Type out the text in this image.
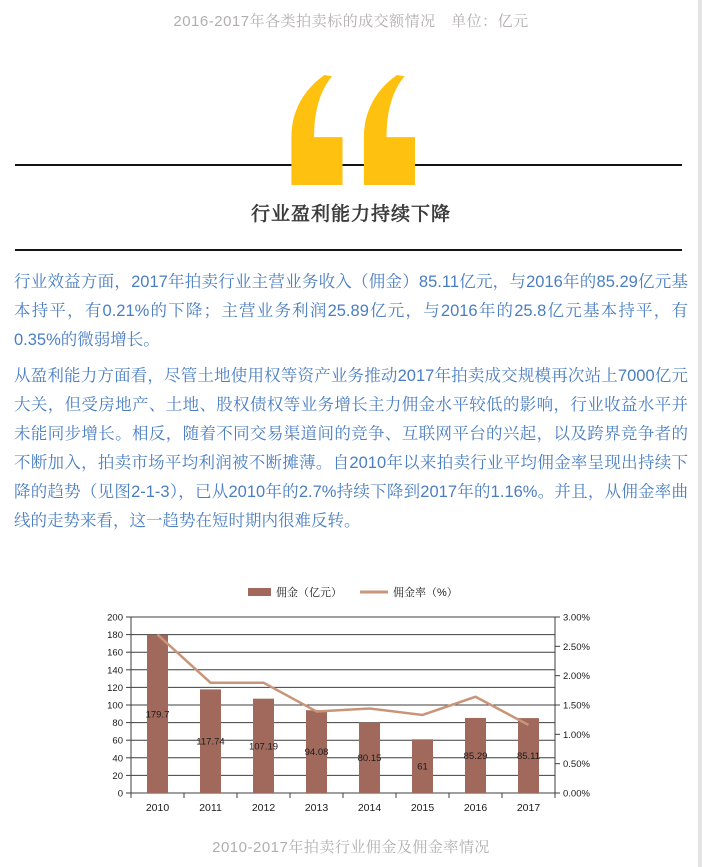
2016-2017年各类拍卖标的成交额情况　单位：亿元
行业盈利能力持续下降

行业效益方面，2017年拍卖行业主营业务收入（佣金）85.11亿元，与2016年的85.29亿元基本持平，有0.21%的下降；主营业务利润25.89亿元，与2016年的25.8亿元基本持平，有0.35%的微弱增长。

从盈利能力方面看，尽管土地使用权等资产业务推动2017年拍卖成交规模再次站上7000亿元大关，但受房地产、土地、股权债权等业务增长主力佣金水平较低的影响，行业收益水平并未能同步增长。相反，随着不同交易渠道间的竞争、互联网平台的兴起，以及跨界竞争者的不断加入，拍卖市场平均利润被不断摊薄。自2010年以来拍卖行业平均佣金率呈现出持续下降的趋势（见图2-1-3），已从2010年的2.7%持续下降到2017年的1.16%。并且，从佣金率曲线的走势来看，这一趋势在短时期内很难反转。

0
20
40
60
80
100
120
140
160
180
200
0.00%
0.50%
1.00%
1.50%
2.00%
2.50%
3.00%
179.7
117.74	107.19
94.08
80.15
61
85.29	85.11
2010	2011	2012	2013	2014	2015	2016	2017
佣金（亿元）	佣金率（%）
2010-2017年拍卖行业佣金及佣金率情况
